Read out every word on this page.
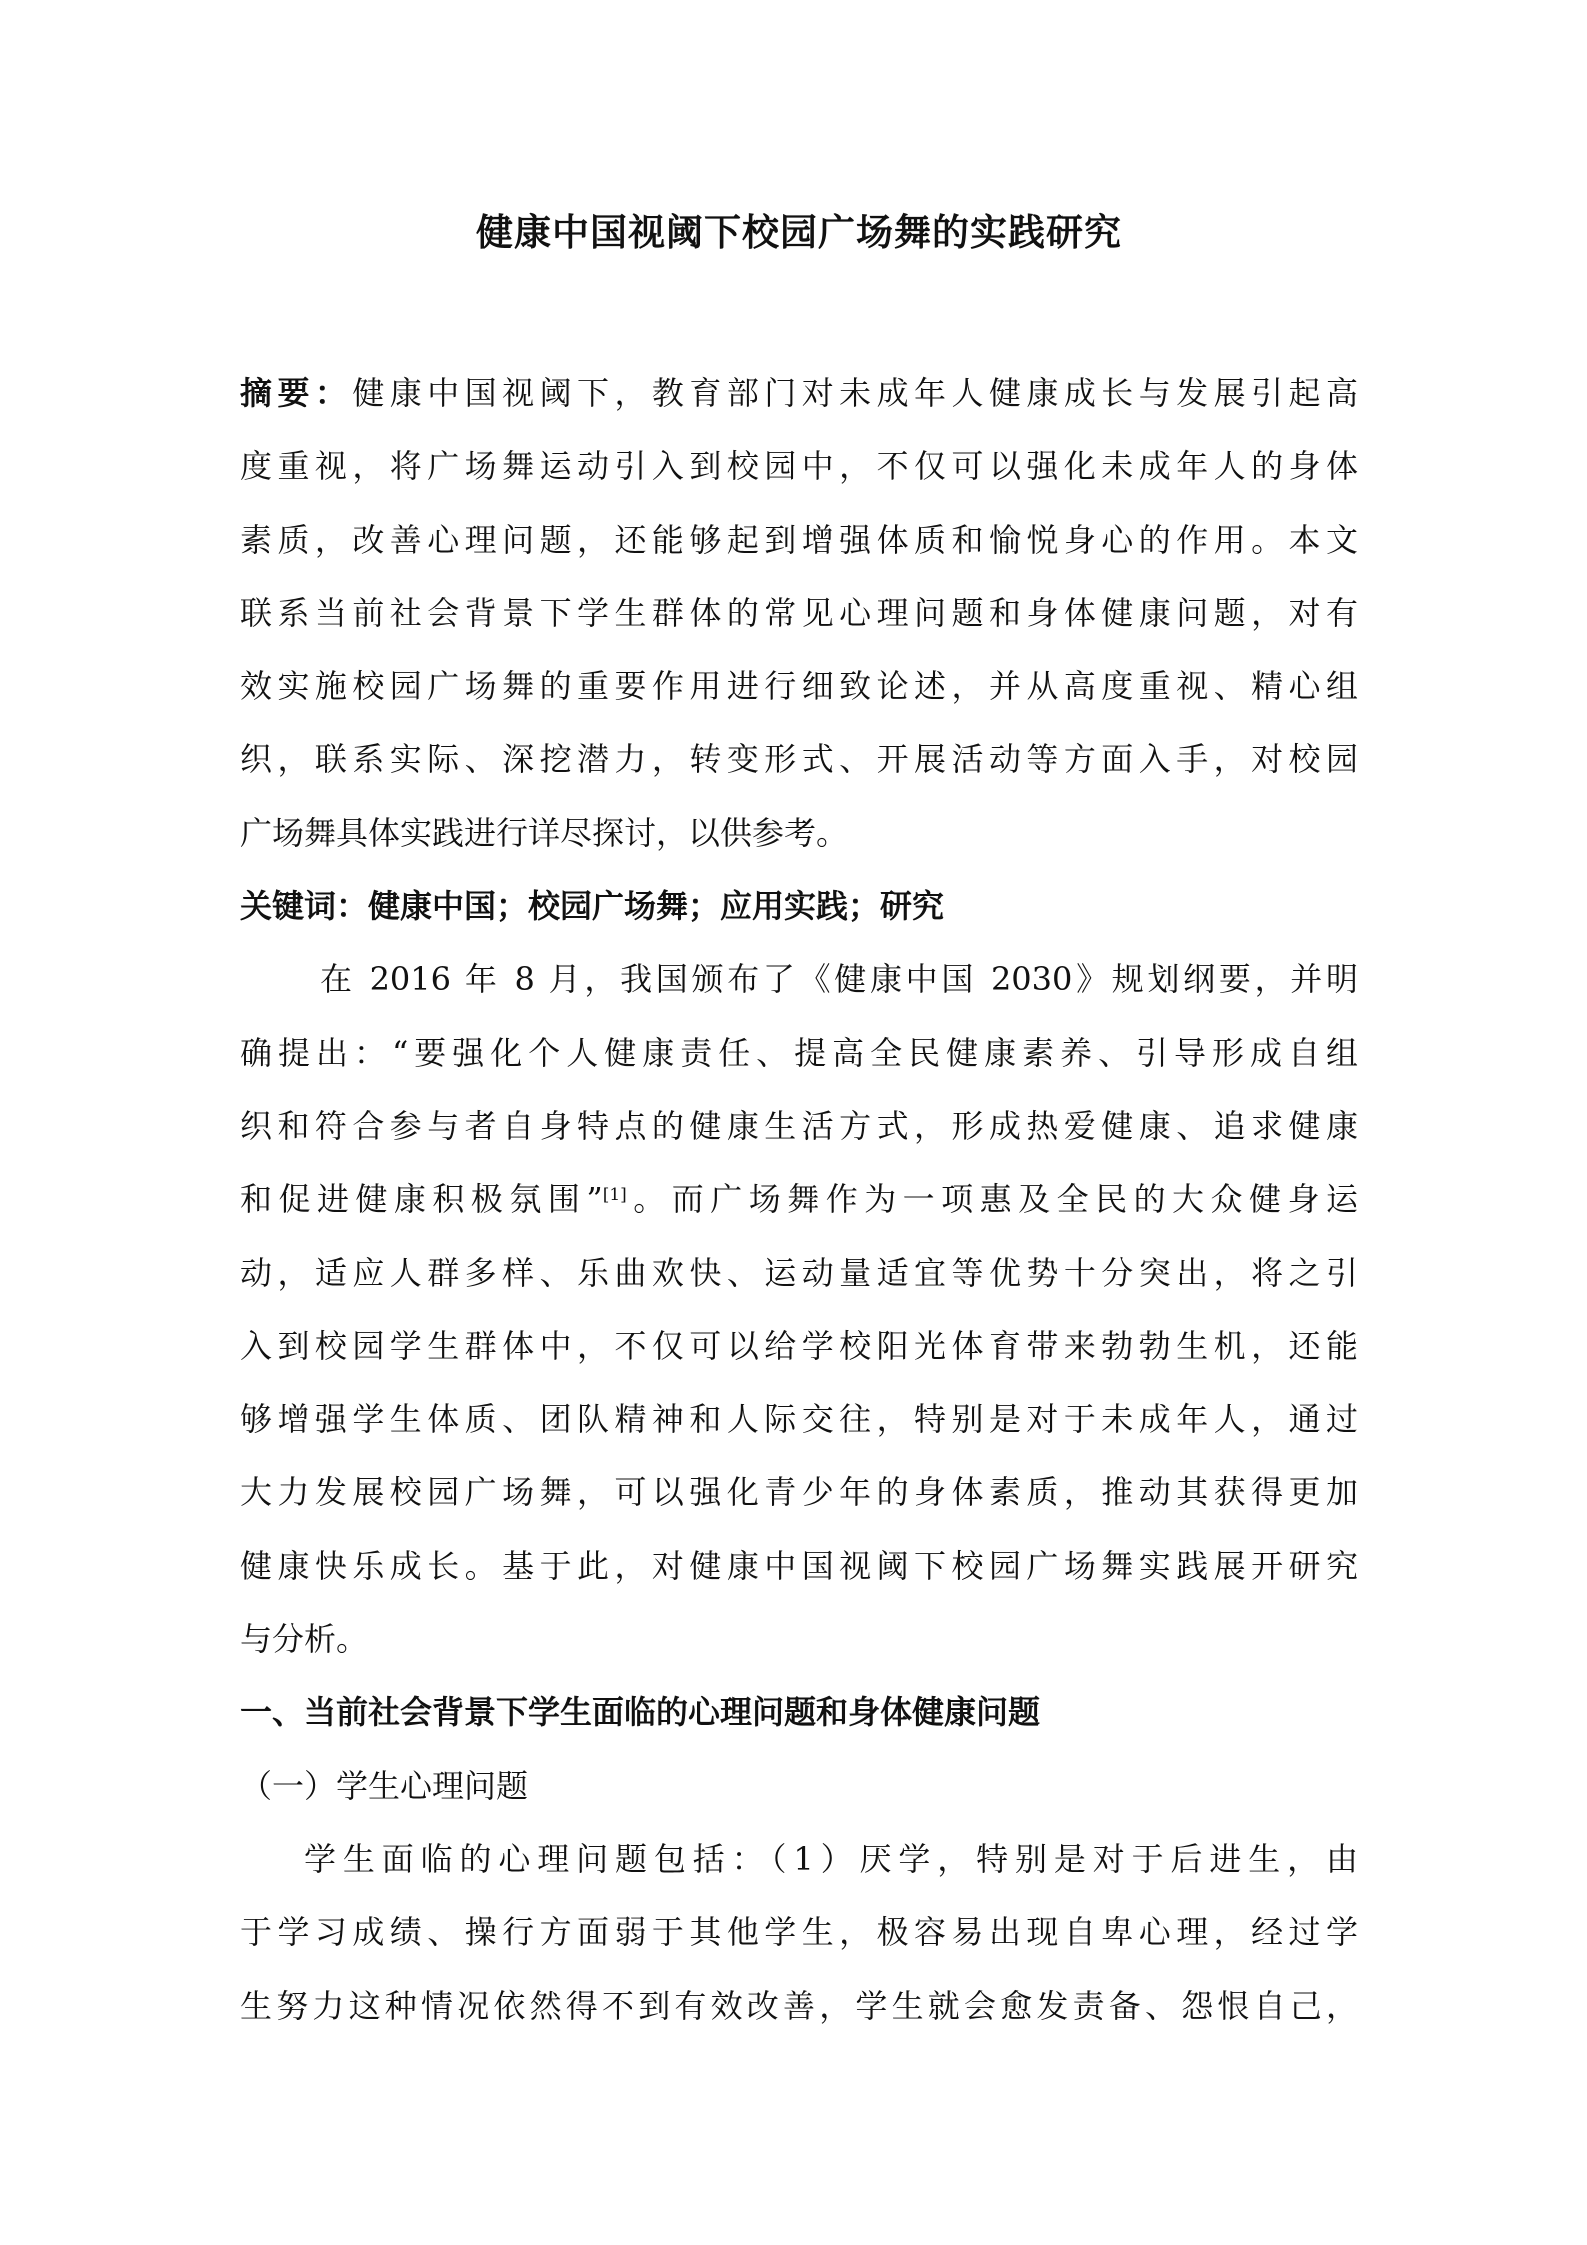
健康中国视阈下校园广场舞的实践研究
摘要：健康中国视阈下，教育部门对未成年人健康成长与发展引起高
度重视，将广场舞运动引入到校园中，不仅可以强化未成年人的身体
素质，改善心理问题，还能够起到增强体质和愉悦身心的作用。本文
联系当前社会背景下学生群体的常见心理问题和身体健康问题，对有
效实施校园广场舞的重要作用进行细致论述，并从高度重视、精心组
织，联系实际、深挖潜力，转变形式、开展活动等方面入手，对校园
广场舞具体实践进行详尽探讨，以供参考。
关键词：健康中国；校园广场舞；应用实践；研究
在 2016 年 8 月，我国颁布了《健康中国 2030》规划纲要，并明
确提出：“要强化个人健康责任、提高全民健康素养、引导形成自组
织和符合参与者自身特点的健康生活方式，形成热爱健康、追求健康
和促进健康积极氛围”[1]。而广场舞作为一项惠及全民的大众健身运
动，适应人群多样、乐曲欢快、运动量适宜等优势十分突出，将之引
入到校园学生群体中，不仅可以给学校阳光体育带来勃勃生机，还能
够增强学生体质、团队精神和人际交往，特别是对于未成年人，通过
大力发展校园广场舞，可以强化青少年的身体素质，推动其获得更加
健康快乐成长。基于此，对健康中国视阈下校园广场舞实践展开研究
与分析。
一、当前社会背景下学生面临的心理问题和身体健康问题
（一）学生心理问题
学生面临的心理问题包括：（1）厌学，特别是对于后进生，由
于学习成绩、操行方面弱于其他学生，极容易出现自卑心理，经过学
生努力这种情况依然得不到有效改善，学生就会愈发责备、怨恨自己，
